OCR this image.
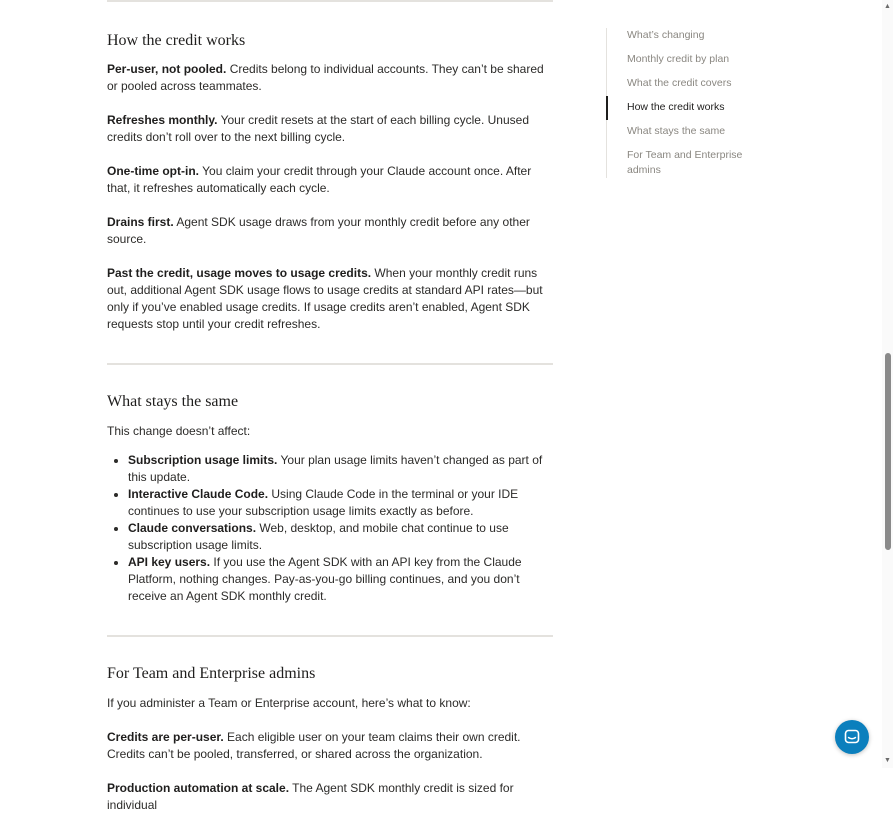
How the credit works

Per-user, not pooled. Credits belong to individual accounts. They can’t be shared or pooled across teammates.

Refreshes monthly. Your credit resets at the start of each billing cycle. Unused credits don’t roll over to the next billing cycle.

One-time opt-in. You claim your credit through your Claude account once. After that, it refreshes automatically each cycle.

Drains first. Agent SDK usage draws from your monthly credit before any other source.

Past the credit, usage moves to usage credits. When your monthly credit runs out, additional Agent SDK usage flows to usage credits at standard API rates—but only if you’ve enabled usage credits. If usage credits aren’t enabled, Agent SDK requests stop until your credit refreshes.

What stays the same

This change doesn’t affect:

• Subscription usage limits. Your plan usage limits haven’t changed as part of this update.
• Interactive Claude Code. Using Claude Code in the terminal or your IDE continues to use your subscription usage limits exactly as before.
• Claude conversations. Web, desktop, and mobile chat continue to use subscription usage limits.
• API key users. If you use the Agent SDK with an API key from the Claude Platform, nothing changes. Pay-as-you-go billing continues, and you don’t receive an Agent SDK monthly credit.
For Team and Enterprise admins

If you administer a Team or Enterprise account, here’s what to know:

Credits are per-user. Each eligible user on your team claims their own credit. Credits can’t be pooled, transferred, or shared across the organization.

Production automation at scale. The Agent SDK monthly credit is sized for individual

What’s changing
Monthly credit by plan
What the credit covers
How the credit works
What stays the same
For Team and Enterprise admins
▲
▼
